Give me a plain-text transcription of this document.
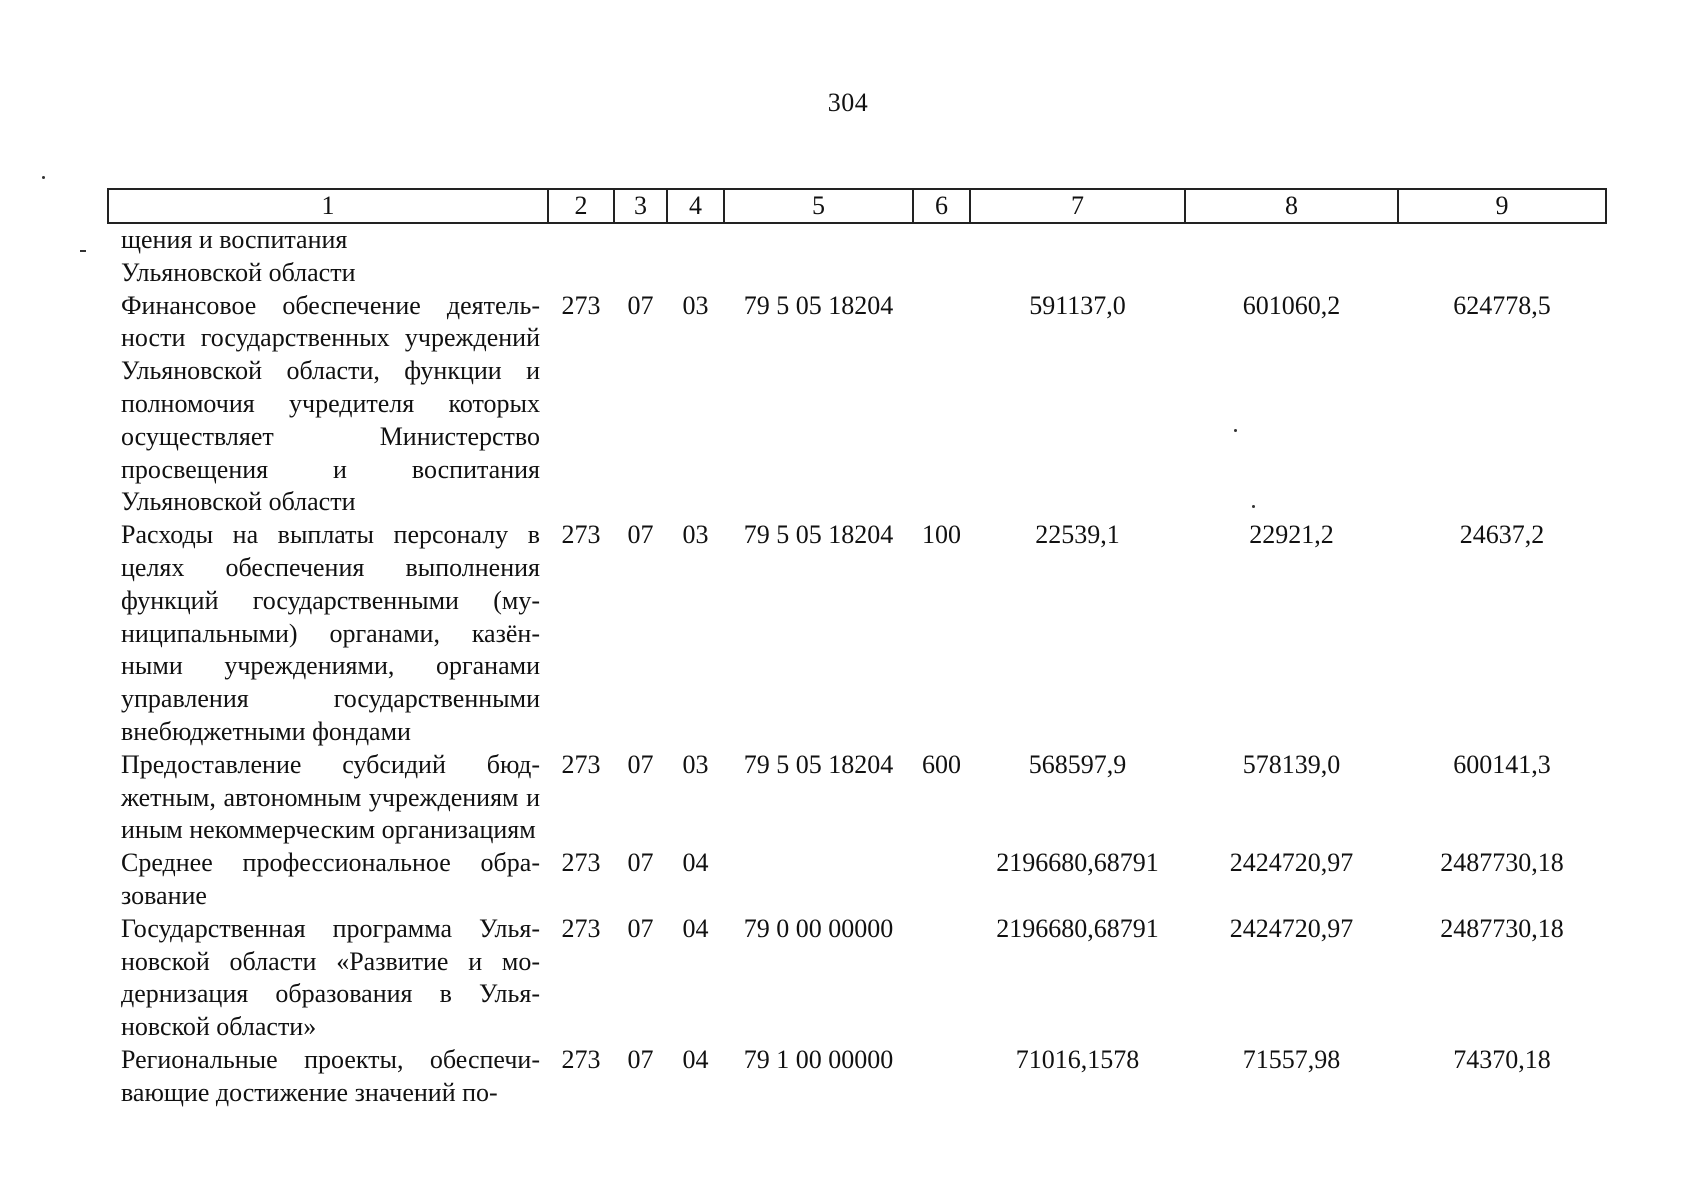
304
1	2	3	4	5	6	7	8	9
щения и воспитания Ульяновской области								
Финансовое обеспечение деятельности государственных учреждений Ульяновской области, функции и полномочия учредителя которых осуществляет Министерство просвещения и воспитания Ульяновской области	273	07	03	79 5 05 18204		591137,0	601060,2	624778,5
Расходы на выплаты персоналу в целях обеспечения выполнения функций государственными (муниципальными) органами, казёнными учреждениями, органами управления государственными внебюджетными фондами	273	07	03	79 5 05 18204	100	22539,1	22921,2	24637,2
Предоставление субсидий бюджетным, автономным учреждениям и иным некоммерческим организациям	273	07	03	79 5 05 18204	600	568597,9	578139,0	600141,3
Среднее профессиональное образование	273	07	04			2196680,68791	2424720,97	2487730,18
Государственная программа Ульяновской области «Развитие и модернизация образования в Ульяновской области»	273	07	04	79 0 00 00000		2196680,68791	2424720,97	2487730,18
Региональные проекты, обеспечивающие достижение значений по-	273	07	04	79 1 00 00000		71016,1578	71557,98	74370,18
